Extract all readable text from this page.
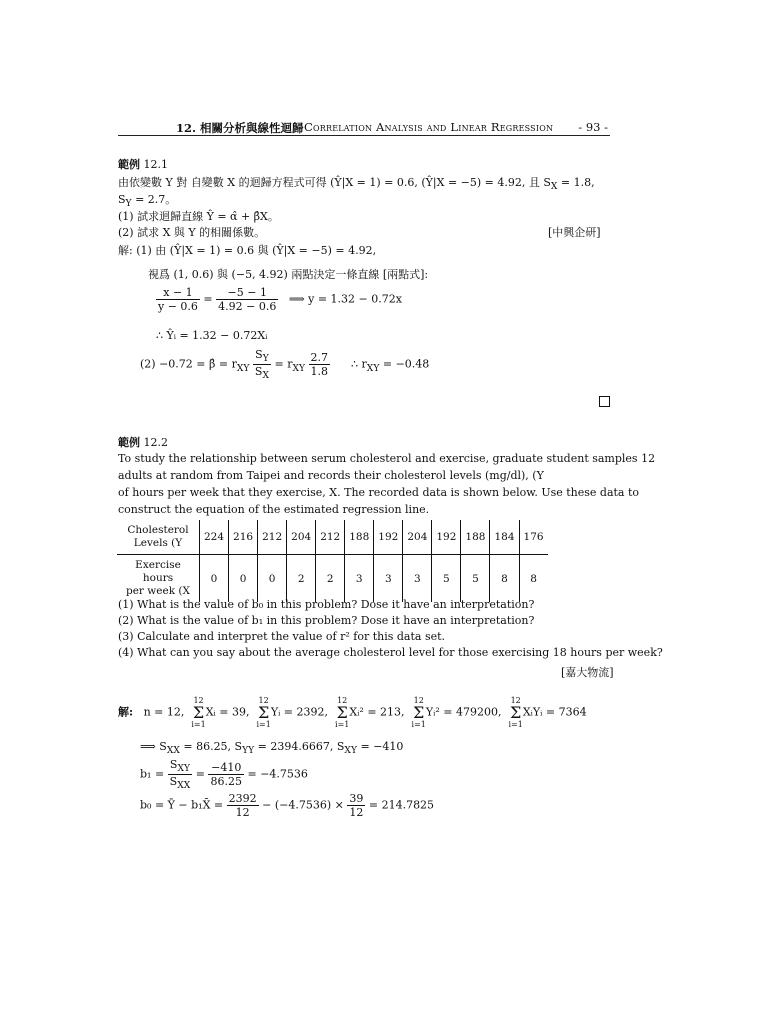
12. 相關分析與線性迴歸 Correlation Analysis and Linear Regression - 93 -
範例 12.1
由依變數 Y 對 自變數 X 的迴歸方程式可得 (Ŷ|X = 1) = 0.6, (Ŷ|X = −5) = 4.92, 且 $S_X = 1.8$,
$S_Y = 2.7$。
(1) 試求迴歸直線 Ŷ = α̂ + β̂X。
(2) 試求 X 與 Y 的相關係數。	[中興企研]
解: (1) 由 (Ŷ|X = 1) = 0.6 與 (Ŷ|X = −5) = 4.92,
視爲 (1, 0.6) 與 (−5, 4.92) 兩點決定一條直線 [兩點式]:
$\frac{x - 1}{y - 0.6} = \frac{-5 - 1}{4.92 - 0.6}$ ⟹ y = 1.32 − 0.72x
∴ Ŷᵢ = 1.32 − 0.72Xᵢ
(2) −0.72 = β̂ = $r_{XY} \frac{S_Y}{S_X} = r_{XY} \frac{2.7}{1.8}$ ∴ $r_{XY} = -0.48$
範例 12.2
To study the relationship between serum cholesterol and exercise, graduate student samples 12
adults at random from Taipei and records their cholesterol levels (mg/dl), (Y
of hours per week that they exercise, X. The recorded data is shown below. Use these data to
construct the equation of the estimated regression line.
Cholesterol
Levels (Y	224	216	212	204	212	188	192	204	192	188	184	176
Exercise hours
per week (X	0	0	0	2	2	3	3	3	5	5	8	8
(1) What is the value of b₀ in this problem? Dose it have an interpretation?
(2) What is the value of b₁ in this problem? Dose it have an interpretation?
(3) Calculate and interpret the value of r² for this data set.
(4) What can you say about the average cholesterol level for those exercising 18 hours per week?
[嘉大物流]
解: n = 12,  12
Σ
i=1Xᵢ = 39,  12
Σ
i=1Yᵢ = 2392,  12
Σ
i=1Xᵢ² = 213,  12
Σ
i=1Yᵢ² = 479200,  12
Σ
i=1XᵢYᵢ = 7364
⟹ $S_{XX} = 86.25$, $S_{YY} = 2394.6667$, $S_{XY} = -410$
$b_1 = \frac{S_{XY}}{S_{XX}} = \frac{-410}{86.25} = -4.7536$
b₀ = Ȳ − b₁X̄ = $\frac{2392}{12} - (-4.7536) \times \frac{39}{12} = 214.7825$
